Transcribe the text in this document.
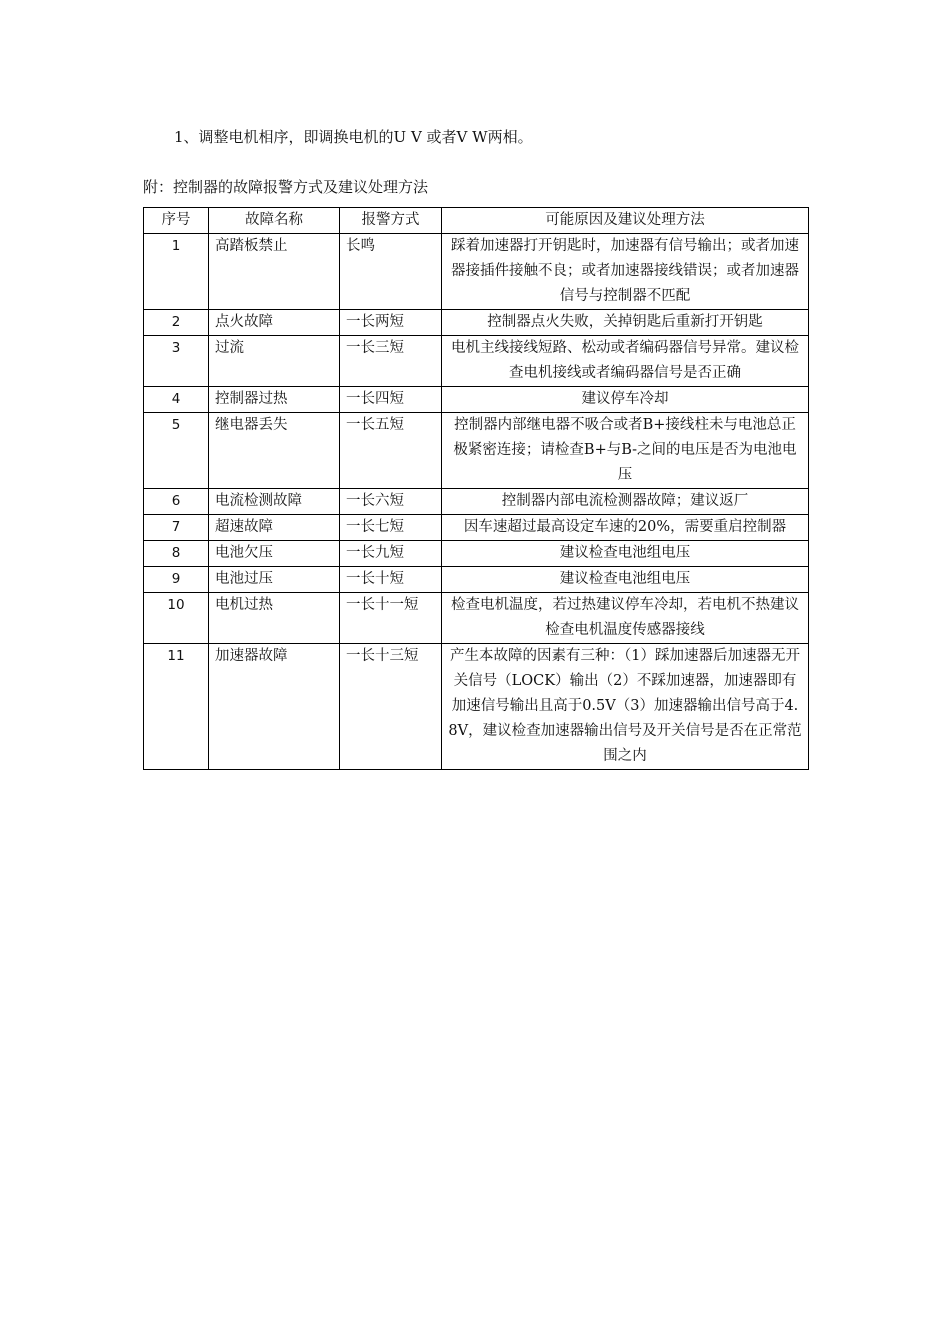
1、调整电机相序，即调换电机的U V 或者V W两相。
附：控制器的故障报警方式及建议处理方法
序号	故障名称	报警方式	可能原因及建议处理方法
1	高踏板禁止	长鸣	踩着加速器打开钥匙时，加速器有信号输出；或者加速器接插件接触不良；或者加速器接线错误；或者加速器信号与控制器不匹配
2	点火故障	一长两短	控制器点火失败，关掉钥匙后重新打开钥匙
3	过流	一长三短	电机主线接线短路、松动或者编码器信号异常。建议检查电机接线或者编码器信号是否正确
4	控制器过热	一长四短	建议停车冷却
5	继电器丢失	一长五短	控制器内部继电器不吸合或者B+接线柱未与电池总正极紧密连接；请检查B+与B-之间的电压是否为电池电压
6	电流检测故障	一长六短	控制器内部电流检测器故障；建议返厂
7	超速故障	一长七短	因车速超过最高设定车速的20%，需要重启控制器
8	电池欠压	一长九短	建议检查电池组电压
9	电池过压	一长十短	建议检查电池组电压
10	电机过热	一长十一短	检查电机温度，若过热建议停车冷却，若电机不热建议检查电机温度传感器接线
11	加速器故障	一长十三短	产生本故障的因素有三种：（1）踩加速器后加速器无开关信号（LOCK）输出（2）不踩加速器，加速器即有加速信号输出且高于0.5V（3）加速器输出信号高于4.8V，建议检查加速器输出信号及开关信号是否在正常范围之内
